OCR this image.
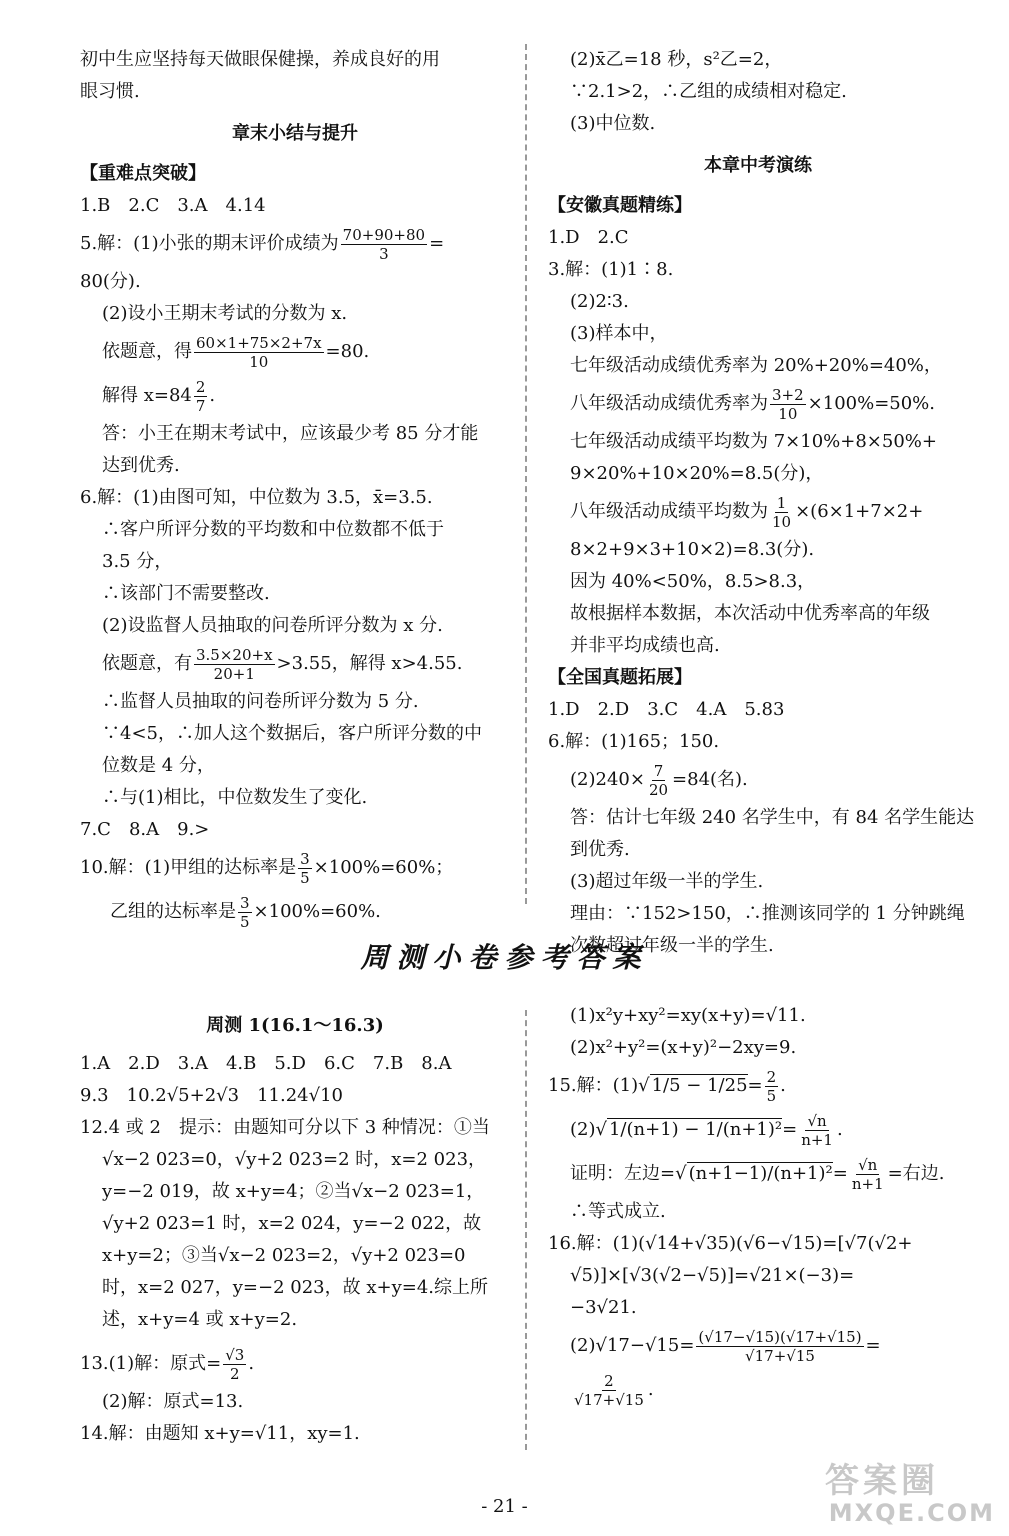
初中生应坚持每天做眼保健操，养成良好的用
眼习惯.
章末小结与提升
【重难点突破】
1.B　2.C　3.A　4.14
5.解：(1)小张的期末评价成绩为 $\frac{70+90+80}{3}$ =
80(分).
(2)设小王期末考试的分数为 x.
依题意，得 $\frac{60\times 1+75\times 2+7x}{10} =80$.
解得 $x=84 \frac{2}{7}$ .
答：小王在期末考试中，应该最少考 85 分才能
达到优秀.
6.解：(1)由图可知，中位数为 3.5，x̄=3.5.
∴客户所评分数的平均数和中位数都不低于
3.5 分，
∴该部门不需要整改.
(2)设监督人员抽取的问卷所评分数为 x 分.
依题意，有 $\frac{3.5\times 20+x}{20+1} >3.55$，解得 x>4.55.
∴监督人员抽取的问卷所评分数为 5 分.
∵4<5，∴加人这个数据后，客户所评分数的中
位数是 4 分，
∴与(1)相比，中位数发生了变化.
7.C　8.A　9.>
10.解：(1)甲组的达标率是 $\frac{3}{5} \times 100\%=60\%$；
乙组的达标率是 $\frac{3}{5} \times 100\%=60\%$.
(2)x̄乙=18 秒，s²乙=2，
∵2.1>2，∴乙组的成绩相对稳定.
(3)中位数.
本章中考演练
【安徽真题精练】
1.D　2.C
3.解：(1)1∶8.
(2)2∶3.
(3)样本中，
七年级活动成绩优秀率为 20%+20%=40%，
八年级活动成绩优秀率为 $\frac{3+2}{10} \times 100\%=50\%$.
七年级活动成绩平均数为 7×10%+8×50%+
9×20%+10×20%=8.5(分)，
八年级活动成绩平均数为 $\frac{1}{10} \times(6\times 1+7\times 2+$
8×2+9×3+10×2)=8.3(分).
因为 40%<50%，8.5>8.3，
故根据样本数据，本次活动中优秀率高的年级
并非平均成绩也高.
【全国真题拓展】
1.D　2.D　3.C　4.A　5.83
6.解：(1)165；150.
$(2)240\times \frac{7}{20} =84$(名).
答：估计七年级 240 名学生中，有 84 名学生能达
到优秀.
(3)超过年级一半的学生.
理由：∵152>150，∴推测该同学的 1 分钟跳绳
次数超过年级一半的学生.
周测小卷参考答案
周测 1(16.1～16.3)
1.A　2.D　3.A　4.B　5.D　6.C　7.B　8.A
9.3　10.2√5+2√3　11.24√10
12.4 或 2　提示：由题知可分以下 3 种情况：①当
√x−2 023=0，√y+2 023=2 时，x=2 023，
y=−2 019，故 x+y=4；②当√x−2 023=1，
√y+2 023=1 时，x=2 024，y=−2 022，故
x+y=2；③当√x−2 023=2，√y+2 023=0
时，x=2 027，y=−2 023，故 x+y=4.综上所
述，x+y=4 或 x+y=2.
13.(1)解：原式= $\frac{√3}{2}$ .
(2)解：原式=13.
14.解：由题知 x+y=√11，xy=1.
(1)x²y+xy²=xy(x+y)=√11.
(2)x²+y²=(x+y)²−2xy=9.
15.解：(1)√ $1/5 - 1/25= \frac{2}{5}$ .
(2)√ $1/(n+1) - 1/(n+1)^2= \frac{√n}{n+1}$ .
证明：左边=√ $(n+1-1)/(n+1)^2= \frac{√n}{n+1}$ =右边.
∴等式成立.
16.解：(1)(√14+√35)(√6−√15)=[√7(√2+
√5)]×[√3(√2−√5)]=√21×(−3)=
−3√21.
$(2)√17-√15= \frac{(√17-√15)(√17+√15)}{√17+√15}$ =
$\frac{2}{√17+√15}$ .
- 21 -
答案圈
MXQE.COM
